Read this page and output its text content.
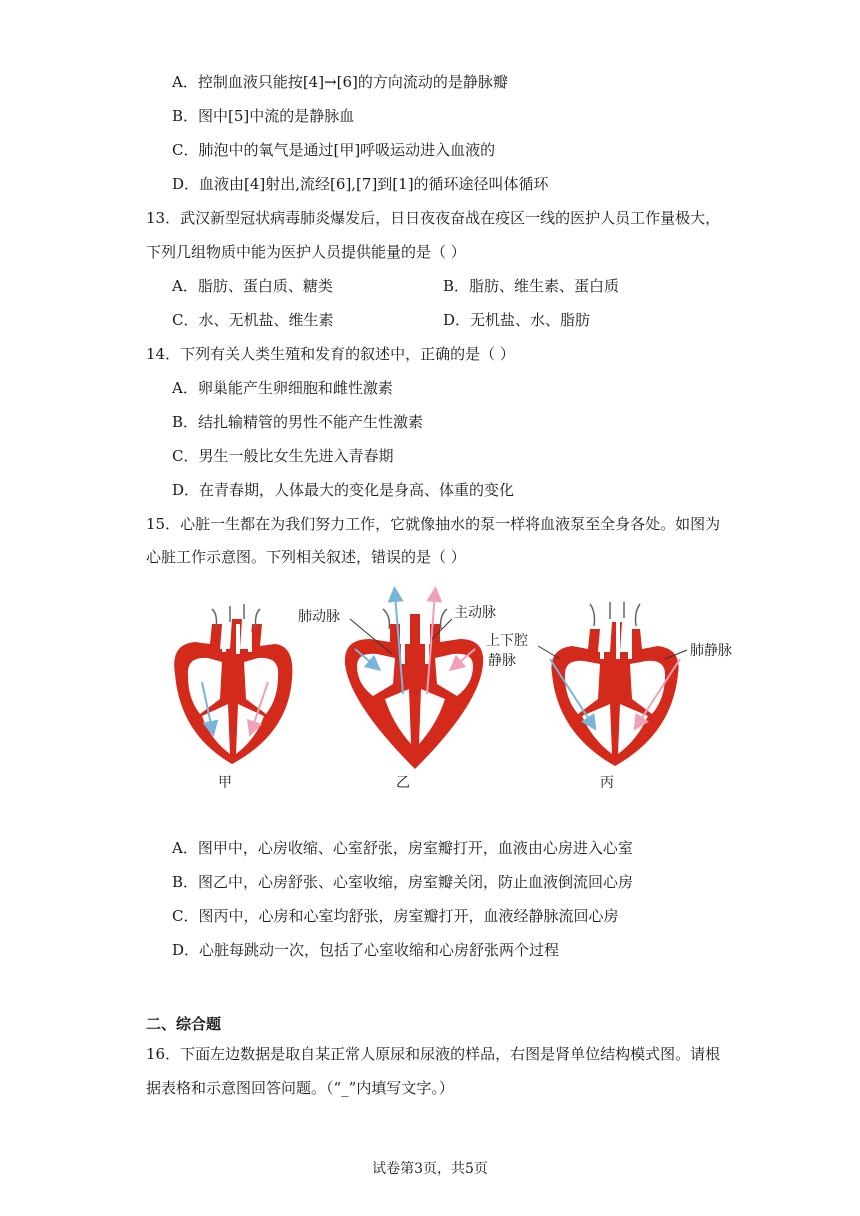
A．控制血液只能按[4]→[6]的方向流动的是静脉瓣
B．图中[5]中流的是静脉血
C．肺泡中的氧气是通过[甲]呼吸运动进入血液的
D．血液由[4]射出,流经[6],[7]到[1]的循环途径叫体循环
13．武汉新型冠状病毒肺炎爆发后，日日夜夜奋战在疫区一线的医护人员工作量极大，
下列几组物质中能为医护人员提供能量的是（ ）
A．脂肪、蛋白质、糖类	B．脂肪、维生素、蛋白质
C．水、无机盐、维生素	D．无机盐、水、脂肪
14．下列有关人类生殖和发育的叙述中，正确的是（ ）
A．卵巢能产生卵细胞和雌性激素
B．结扎输精管的男性不能产生性激素
C．男生一般比女生先进入青春期
D．在青春期，人体最大的变化是身高、体重的变化
15．心脏一生都在为我们努力工作，它就像抽水的泵一样将血液泵至全身各处。如图为
心脏工作示意图。下列相关叙述，错误的是（ ）
肺动脉	主动脉
上下腔
静脉
肺静脉
甲	乙	丙
A．图甲中，心房收缩、心室舒张，房室瓣打开，血液由心房进入心室
B．图乙中，心房舒张、心室收缩，房室瓣关闭，防止血液倒流回心房
C．图丙中，心房和心室均舒张，房室瓣打开，血液经静脉流回心房
D．心脏每跳动一次，包括了心室收缩和心房舒张两个过程
二、综合题
16．下面左边数据是取自某正常人原尿和尿液的样品，右图是肾单位结构模式图。请根
据表格和示意图回答问题。（“_”内填写文字。）
试卷第3页，共5页
